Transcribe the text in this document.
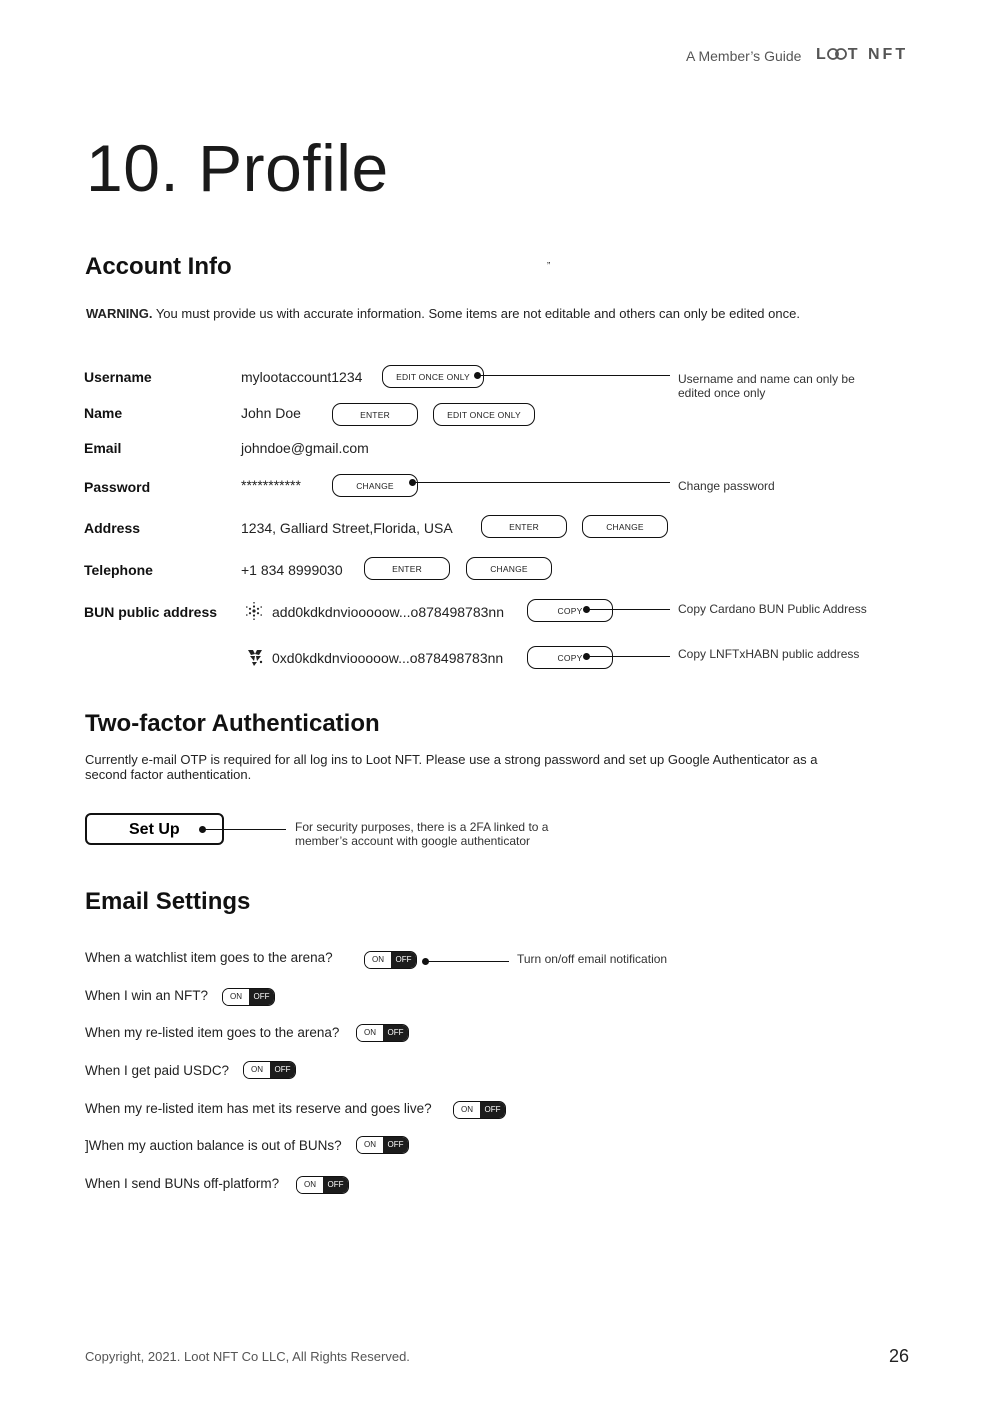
A Member’s Guide L T NFT
10. Profile
Account Info	”
WARNING. You must provide us with accurate information. Some items are not editable and others can only be edited once.
Username	mylootaccount1234	EDIT ONCE ONLY	Username and name can only be edited once only
Name	John Doe	ENTER	EDIT ONCE ONLY
Email	johndoe@gmail.com
Password	***********	CHANGE	Change password
Address	1234, Galliard Street,Florida, USA	ENTER	CHANGE
Telephone	+1 834 8999030	ENTER	CHANGE
BUN public address	add0kdkdnviooooow...o878498783nn	COPY	Copy Cardano BUN Public Address
0xd0kdkdnviooooow...o878498783nn	COPY	Copy LNFTxHABN public address
Two-factor Authentication
Currently e-mail OTP is required for all log ins to Loot NFT. Please use a strong password and set up Google Authenticator as a second factor authentication.
Set Up	For security purposes, there is a 2FA linked to a member’s account with google authenticator
Email Settings
When a watchlist item goes to the arena?	ON	OFF	Turn on/off email notification
When I win an NFT?	ON	OFF
When my re-listed item goes to the arena?	ON	OFF
When I get paid USDC?	ON	OFF
When my re-listed item has met its reserve and goes live?	ON	OFF
]When my auction balance is out of BUNs?	ON	OFF
When I send BUNs off-platform?	ON	OFF
Copyright, 2021. Loot NFT Co LLC, All Rights Reserved.	26
